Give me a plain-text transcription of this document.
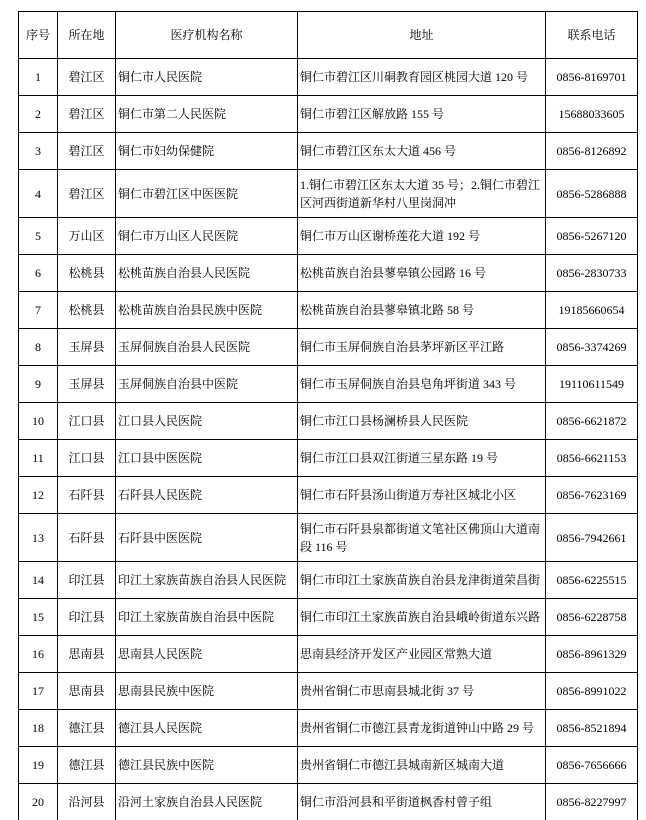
序号	所在地	医疗机构名称	地址	联系电话
1	碧江区	铜仁市人民医院	铜仁市碧江区川硐教育园区桃园大道 120 号	0856-8169701
2	碧江区	铜仁市第二人民医院	铜仁市碧江区解放路 155 号	15688033605
3	碧江区	铜仁市妇幼保健院	铜仁市碧江区东太大道 456 号	0856-8126892
4	碧江区	铜仁市碧江区中医医院	1.铜仁市碧江区东太大道 35 号；2.铜仁市碧江区河西街道新华村八里岗洞冲	0856-5286888
5	万山区	铜仁市万山区人民医院	铜仁市万山区谢桥莲花大道 192 号	0856-5267120
6	松桃县	松桃苗族自治县人民医院	松桃苗族自治县蓼皋镇公园路 16 号	0856-2830733
7	松桃县	松桃苗族自治县民族中医院	松桃苗族自治县蓼皋镇北路 58 号	19185660654
8	玉屏县	玉屏侗族自治县人民医院	铜仁市玉屏侗族自治县茅坪新区平江路	0856-3374269
9	玉屏县	玉屏侗族自治县中医院	铜仁市玉屏侗族自治县皂角坪街道 343 号	19110611549
10	江口县	江口县人民医院	铜仁市江口县杨澜桥县人民医院	0856-6621872
11	江口县	江口县中医医院	铜仁市江口县双江街道三星东路 19 号	0856-6621153
12	石阡县	石阡县人民医院	铜仁市石阡县汤山街道万寿社区城北小区	0856-7623169
13	石阡县	石阡县中医医院	铜仁市石阡县泉都街道文笔社区佛顶山大道南段 116 号	0856-7942661
14	印江县	印江土家族苗族自治县人民医院	铜仁市印江土家族苗族自治县龙津街道荣昌街	0856-6225515
15	印江县	印江土家族苗族自治县中医院	铜仁市印江土家族苗族自治县峨岭街道东兴路	0856-6228758
16	思南县	思南县人民医院	思南县经济开发区产业园区常熟大道	0856-8961329
17	思南县	思南县民族中医院	贵州省铜仁市思南县城北街 37 号	0856-8991022
18	德江县	德江县人民医院	贵州省铜仁市德江县青龙街道钟山中路 29 号	0856-8521894
19	德江县	德江县民族中医院	贵州省铜仁市德江县城南新区城南大道	0856-7656666
20	沿河县	沿河土家族自治县人民医院	铜仁市沿河县和平街道枫香村曾子组	0856-8227997
